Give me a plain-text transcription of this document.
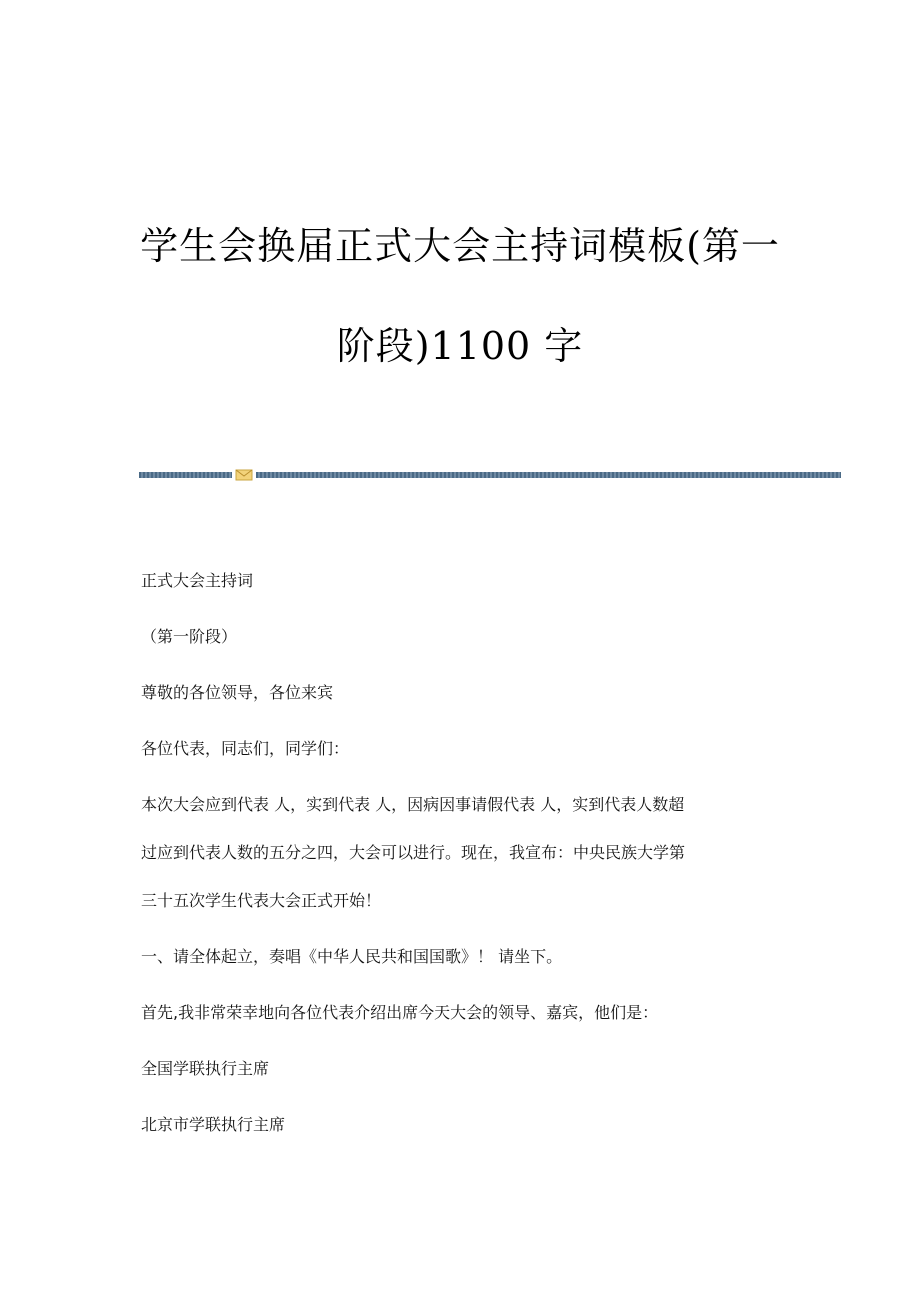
学生会换届正式大会主持词模板(第一
阶段)1100 字

正式大会主持词

（第一阶段）

尊敬的各位领导，各位来宾

各位代表，同志们，同学们：

本次大会应到代表 人，实到代表 人，因病因事请假代表 人，实到代表人数超

过应到代表人数的五分之四，大会可以进行。现在，我宣布：中央民族大学第

三十五次学生代表大会正式开始！

一、请全体起立，奏唱《中华人民共和国国歌》！ 请坐下。

首先,我非常荣幸地向各位代表介绍出席今天大会的领导、嘉宾，他们是：

全国学联执行主席

北京市学联执行主席
